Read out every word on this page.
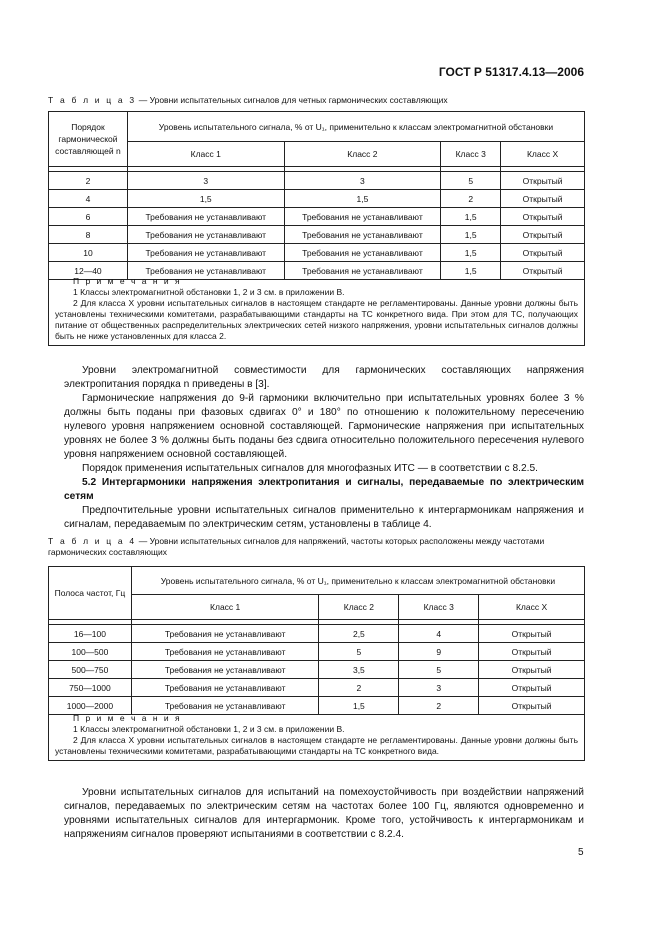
ГОСТ Р 51317.4.13—2006
Т а б л и ц а 3 — Уровни испытательных сигналов для четных гармонических составляющих
Порядок гармонической составляющей n	Уровень испытательного сигнала, % от U₁, применительно к классам электромагнитной обстановки			
	Класс 1	Класс 2	Класс 3	Класс X

2	3	3	5	Открытый
4	1,5	1,5	2	Открытый
6	Требования не устанавливают	Требования не устанавливают	1,5	Открытый
8	Требования не устанавливают	Требования не устанавливают	1,5	Открытый
10	Требования не устанавливают	Требования не устанавливают	1,5	Открытый
12—40	Требования не устанавливают	Требования не устанавливают	1,5	Открытый

П р и м е ч а н и я

1 Классы электромагнитной обстановки 1, 2 и 3 см. в приложении В.

2 Для класса X уровни испытательных сигналов в настоящем стандарте не регламентированы. Данные уровни должны быть установлены техническими комитетами, разрабатывающими стандарты на ТС конкретного вида. При этом для ТС, получающих питание от общественных распределительных электрических сетей низкого напряжения, уровни испытательных сигналов должны быть не ниже установленных для класса 2.

Уровни электромагнитной совместимости для гармонических составляющих напряжения электропитания порядка n приведены в [3].

Гармонические напряжения до 9-й гармоники включительно при испытательных уровнях более 3 % должны быть поданы при фазовых сдвигах 0° и 180° по отношению к положительному пересечению нулевого уровня напряжением основной составляющей. Гармонические напряжения при испытательных уровнях не более 3 % должны быть поданы без сдвига относительно положительного пересечения нулевого уровня напряжением основной составляющей.

Порядок применения испытательных сигналов для многофазных ИТС — в соответствии с 8.2.5.

5.2 Интергармоники напряжения электропитания и сигналы, передаваемые по электрическим сетям

Предпочтительные уровни испытательных сигналов применительно к интергармоникам напряжения и сигналам, передаваемым по электрическим сетям, установлены в таблице 4.

Т а б л и ц а 4 — Уровни испытательных сигналов для напряжений, частоты которых расположены между частотами гармонических составляющих
Полоса частот, Гц	Уровень испытательного сигнала, % от U₁, применительно к классам электромагнитной обстановки			
	Класс 1	Класс 2	Класс 3	Класс X

16—100	Требования не устанавливают	2,5	4	Открытый
100—500	Требования не устанавливают	5	9	Открытый
500—750	Требования не устанавливают	3,5	5	Открытый
750—1000	Требования не устанавливают	2	3	Открытый
1000—2000	Требования не устанавливают	1,5	2	Открытый

П р и м е ч а н и я

1 Классы электромагнитной обстановки 1, 2 и 3 см. в приложении В.

2 Для класса X уровни испытательных сигналов в настоящем стандарте не регламентированы. Данные уровни должны быть установлены техническими комитетами, разрабатывающими стандарты на ТС конкретного вида.

Уровни испытательных сигналов для испытаний на помехоустойчивость при воздействии напряжений сигналов, передаваемых по электрическим сетям на частотах более 100 Гц, являются одновременно и уровнями испытательных сигналов для интергармоник. Кроме того, устойчивость к интергармоникам и напряжениям сигналов проверяют испытаниями в соответствии с 8.2.4.

5
